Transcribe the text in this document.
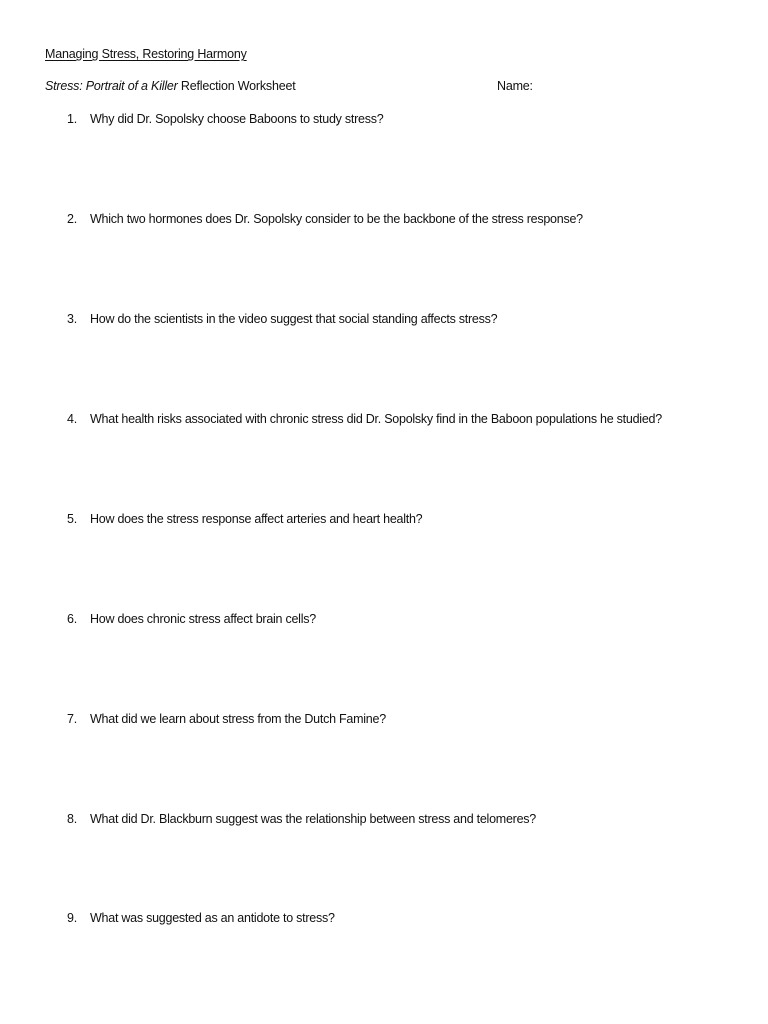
Managing Stress, Restoring Harmony
Stress: Portrait of a Killer Reflection Worksheet	Name:
1. Why did Dr. Sopolsky choose Baboons to study stress?
2. Which two hormones does Dr. Sopolsky consider to be the backbone of the stress response?
3. How do the scientists in the video suggest that social standing affects stress?
4. What health risks associated with chronic stress did Dr. Sopolsky find in the Baboon populations he studied?
5. How does the stress response affect arteries and heart health?
6. How does chronic stress affect brain cells?
7. What did we learn about stress from the Dutch Famine?
8. What did Dr. Blackburn suggest was the relationship between stress and telomeres?
9. What was suggested as an antidote to stress?
